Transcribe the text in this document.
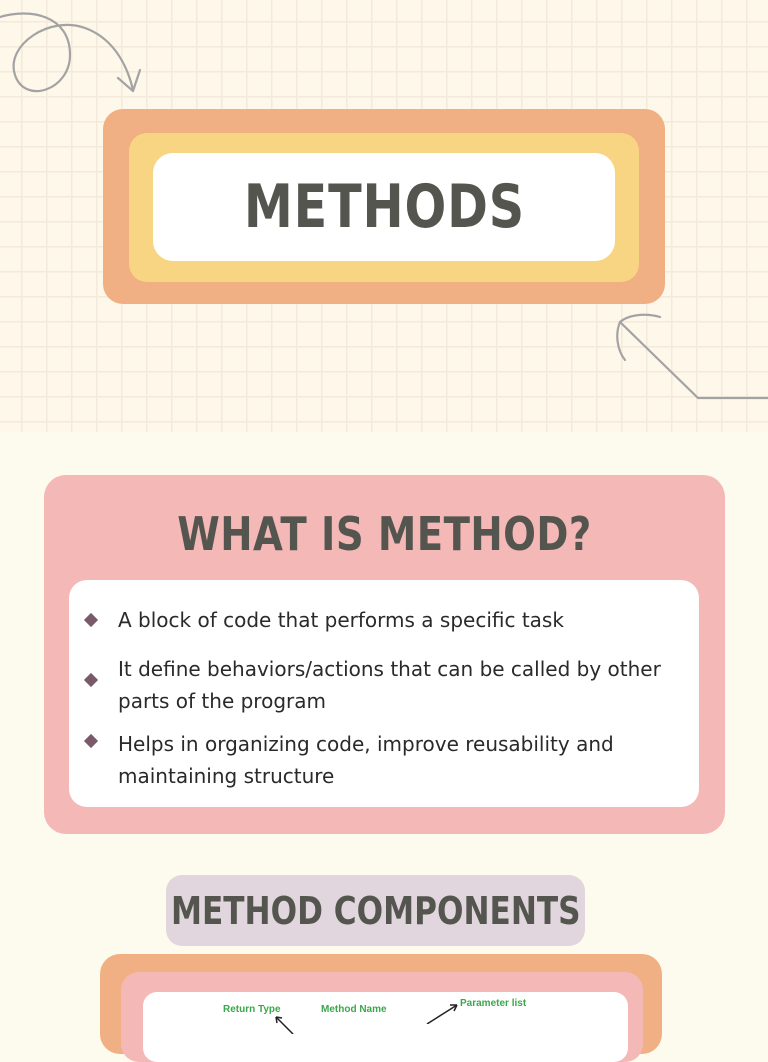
METHODS
WHAT IS METHOD?
A block of code that performs a specific task
It define behaviors/actions that can be called by other parts of the program
Helps in organizing code, improve reusability and maintaining structure
METHOD COMPONENTS
Return Type	Method Name
Parameter list
